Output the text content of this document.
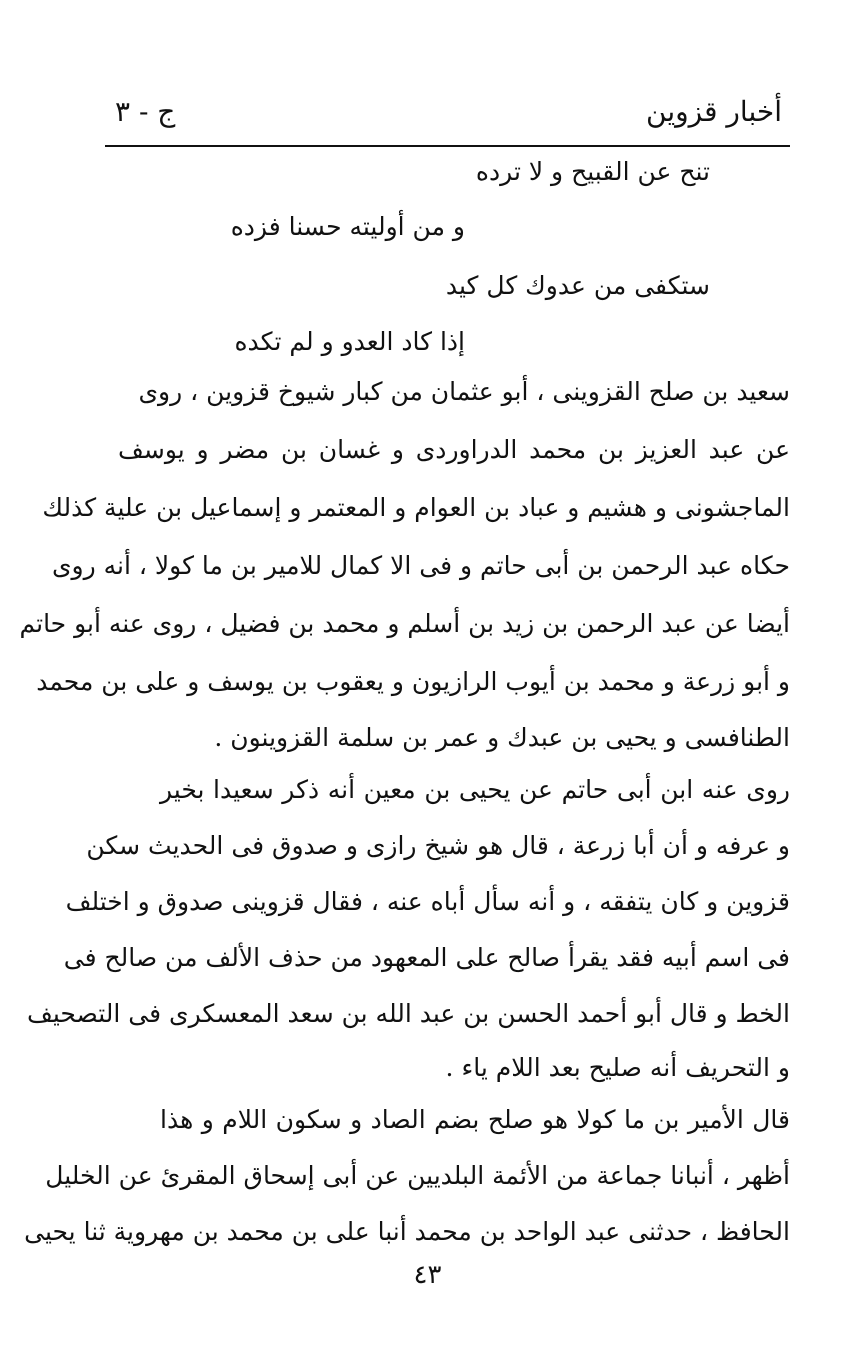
أخبار قزوين
ج - ٣
تنح عن القبيح و لا ترده
و من أوليته حسنا فزده
ستكفى من عدوك كل كيد
إذا كاد العدو و لم تكده
سعيد بن صلح القزوينى ، أبو عثمان من كبار شيوخ قزوين ، روى
عن عبد العزيز بن محمد الدراوردى و غسان بن مضر و يوسف
الماجشونى و هشيم و عباد بن العوام و المعتمر و إسماعيل بن علية كذلك
حكاه عبد الرحمن بن أبى حاتم و فى الا كمال للامير بن ما كولا ، أنه روى
أيضا عن عبد الرحمن بن زيد بن أسلم و محمد بن فضيل ، روى عنه أبو حاتم
و أبو زرعة و محمد بن أيوب الرازيون و يعقوب بن يوسف و على بن محمد
الطنافسى و يحيى بن عبدك و عمر بن سلمة القزوينون .
روى عنه ابن أبى حاتم عن يحيى بن معين أنه ذكر سعيدا بخير
و عرفه و أن أبا زرعة ، قال هو شيخ رازى و صدوق فى الحديث سكن
قزوين و كان يتفقه ، و أنه سأل أباه عنه ، فقال قزوينى صدوق و اختلف
فى اسم أبيه فقد يقرأ صالح على المعهود من حذف الألف من صالح فى
الخط و قال أبو أحمد الحسن بن عبد الله بن سعد المعسكرى فى التصحيف
و التحريف أنه صليح بعد اللام ياء .
قال الأمير بن ما كولا هو صلح بضم الصاد و سكون اللام و هذا
أظهر ، أنبانا جماعة من الأئمة البلديين عن أبى إسحاق المقرئ عن الخليل
الحافظ ، حدثنى عبد الواحد بن محمد أنبا على بن محمد بن مهروية ثنا يحيى
٤٣
